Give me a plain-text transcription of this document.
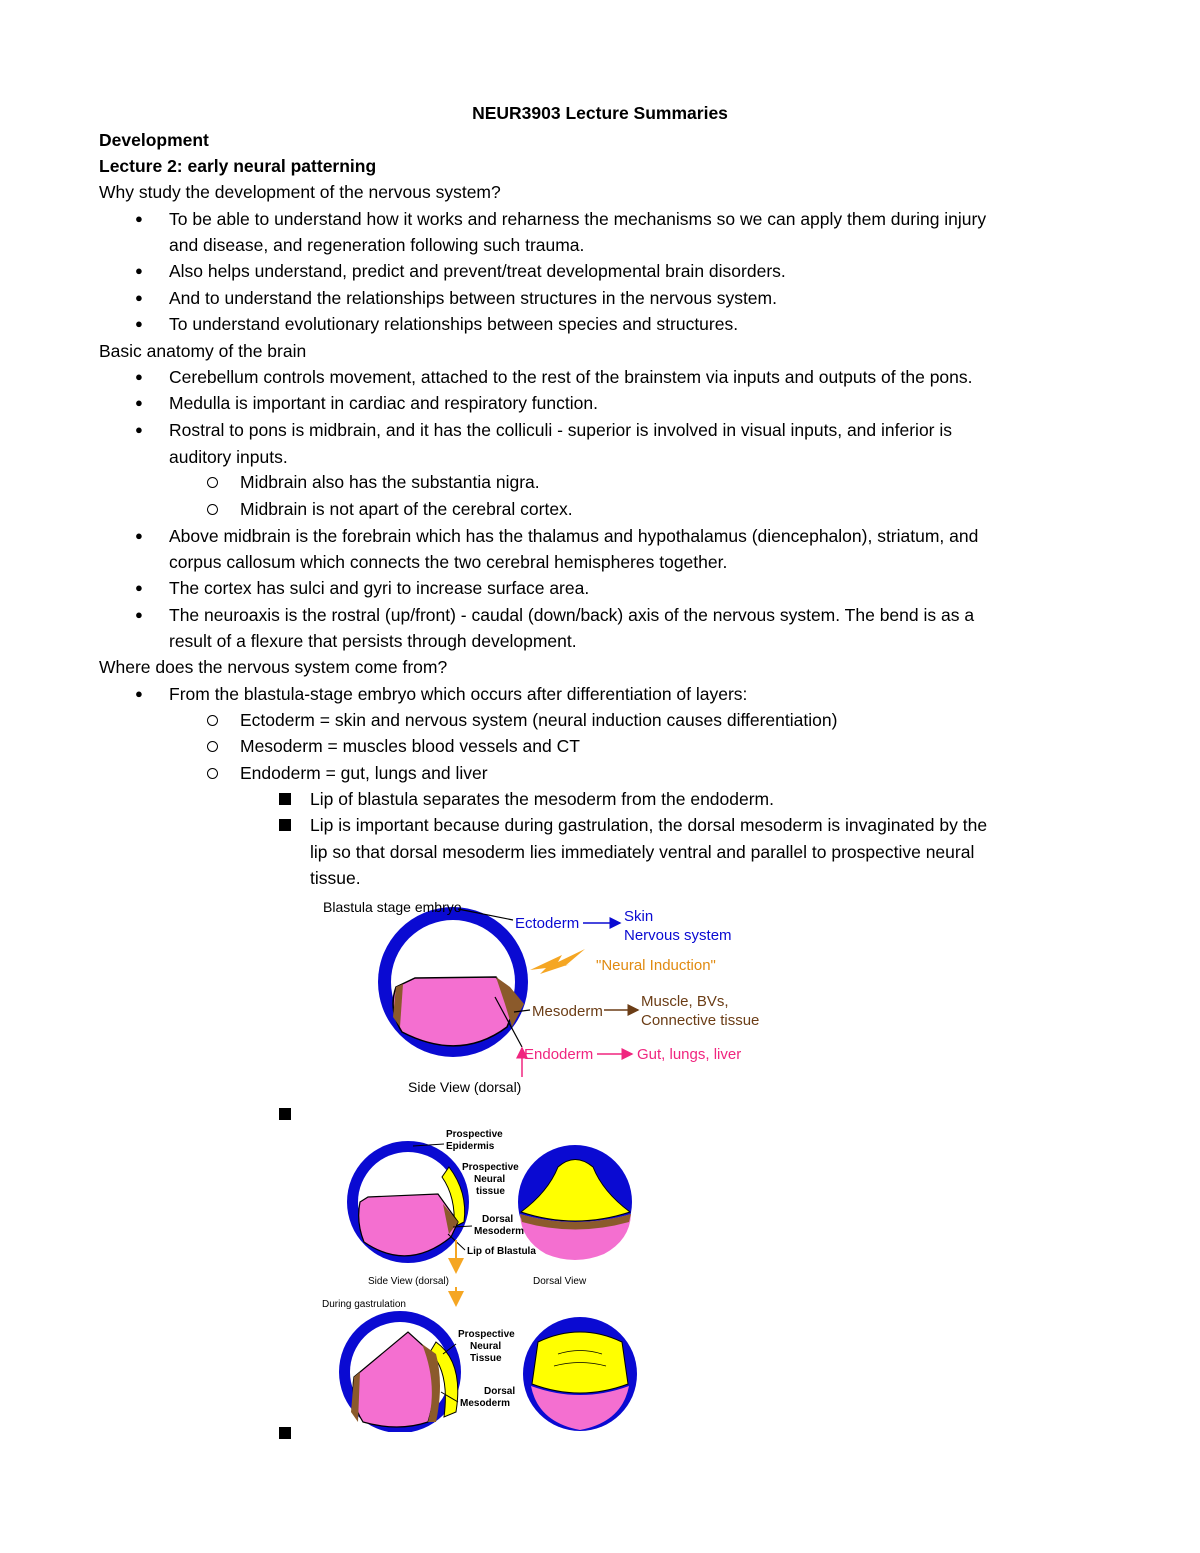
NEUR3903 Lecture Summaries
Development
Lecture 2: early neural patterning
Why study the development of the nervous system?
● To be able to understand how it works and reharness the mechanisms so we can apply them during injury
and disease, and regeneration following such trauma.
● Also helps understand, predict and prevent/treat developmental brain disorders.
● And to understand the relationships between structures in the nervous system.
● To understand evolutionary relationships between species and structures.
Basic anatomy of the brain
● Cerebellum controls movement, attached to the rest of the brainstem via inputs and outputs of the pons.
● Medulla is important in cardiac and respiratory function.
● Rostral to pons is midbrain, and it has the colliculi - superior is involved in visual inputs, and inferior is
auditory inputs.
Midbrain also has the substantia nigra.
Midbrain is not apart of the cerebral cortex.
● Above midbrain is the forebrain which has the thalamus and hypothalamus (diencephalon), striatum, and
corpus callosum which connects the two cerebral hemispheres together.
● The cortex has sulci and gyri to increase surface area.
● The neuroaxis is the rostral (up/front) - caudal (down/back) axis of the nervous system. The bend is as a
result of a flexure that persists through development.
Where does the nervous system come from?
● From the blastula-stage embryo which occurs after differentiation of layers:
Ectoderm = skin and nervous system (neural induction causes differentiation)
Mesoderm = muscles blood vessels and CT
Endoderm = gut, lungs and liver
Lip of blastula separates the mesoderm from the endoderm.
Lip is important because during gastrulation, the dorsal mesoderm is invaginated by the
lip so that dorsal mesoderm lies immediately ventral and parallel to prospective neural
tissue.
Blastula stage embryo
Ectoderm	Skin
Nervous system
"Neural Induction"
Mesoderm
Muscle, BVs,
Connective tissue
Endoderm	Gut, lungs, liver
Side View (dorsal)
Prospective
Epidermis
Prospective
Neural
tissue
Dorsal
Mesoderm
Lip of Blastula
Side View (dorsal)	Dorsal View
During gastrulation
Prospective
Neural
Tissue
Dorsal
Mesoderm
